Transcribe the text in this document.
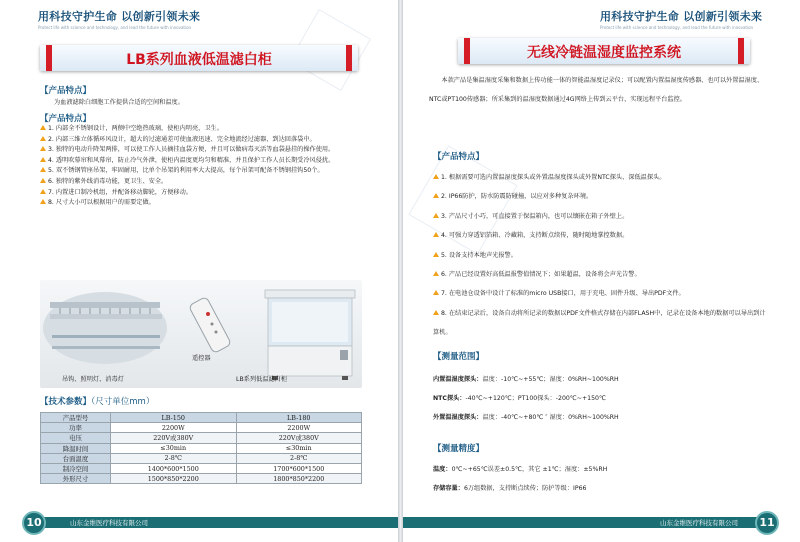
用科技守护生命 以创新引领未来
Protect life with science and technology, and lead the future with innovation
LB系列血液低温滤白柜
【产品特点】
为血液滤除白细胞工作提供合适的空间和温度。
【产品特点】
1. 内部全不锈钢设计，两侧中空绝热玻璃，使柜内明亮，卫生。
2. 内部三维立体循环风设计，超大的过滤通差可使血液迅速、完全地流经过滤器，到达回落袋中。
3. 独特的电动升降架两排，可以使工作人员摘挂血袋方便，并且可以做病毒灭活等血袋悬挂的操作使用。
4. 透明吹幕帘和风幕帘，防止冷气外泄，使柜内温度更均匀和精准，并且保护工作人员长期受冷风侵扰。
5. 双不锈钢管座吊架，牢固耐用，比单个吊架的利用率大大提高，每个吊架可配备不锈钢挂钩50个。
6. 独特的紫外线消毒功能，更卫生、安全。
7. 内置进口制冷机组，并配备移动脚轮，方便移动。
8. 尺寸大小可以根据用户的需要定做。
吊钩、照明灯、消毒灯
遥控器
LB系列低温滤白柜
【技术参数】（尺寸单位mm）
产品型号	LB-150	LB-180
功率	2200W	2200W
电压	220V或380V	220V或380V
降温时间	≤30min	≤30min
台面温度	2-8℃	2-8℃
制冷空间	1400*600*1500	1700*600*1500
外形尺寸	1500*850*2200	1800*850*2200
山东金维医疗科技有限公司
10
用科技守护生命 以创新引领未来
Protect life with science and technology, and lead the future with innovation
无线冷链温湿度监控系统
本款产品是集温湿度采集和数据上传功能一体的智能温湿度记录仪；可以配置内置温湿度传感器、也可以外置温湿度、NTC或PT100传感器；所采集到的温湿度数据通过4G网络上传到云平台，实现远程平台监控。
【产品特点】
1. 根据需要可选内置温湿度探头或外置温湿度探头或外置NTC探头、深低温探头。
2. IP66防护，防水防震防碰撞，以应对多种复杂环境。
3. 产品尺寸小巧，可直接置于保温箱内，也可以镶嵌在箱子外壁上。
4. 可强力穿透铝箔箱、冷藏箱，支持断点续传，随时随地掌控数据。
5. 设备支持本地声光报警。
6. 产品已经设置好高低温报警值情况下；如果超温，设备将会声光告警。
7. 在电池仓设备中设计了标准的micro USB接口，用于充电、固件升级、导出PDF文件。
8. 在结束记录后，设备自动将所记录的数据以PDF文件格式存储在内部FLASH中，记录在设备本地的数据可以导出到计算机。
【测量范围】
内置温湿度探头：温度：-10℃~+55℃；湿度：0%RH~100%RH
NTC探头：-40℃~+120℃；PT100探头：-200℃~+150℃
外置温湿度探头：温度：-40℃~+80℃ ″ 湿度：0%RH~100%RH
【测量精度】
温度：0℃~+65℃误差±0.5℃，其它 ±1℃；湿度：±5%RH
存储容量：6万组数据，支持断点续传；防护等级：IP66
山东金维医疗科技有限公司	11
